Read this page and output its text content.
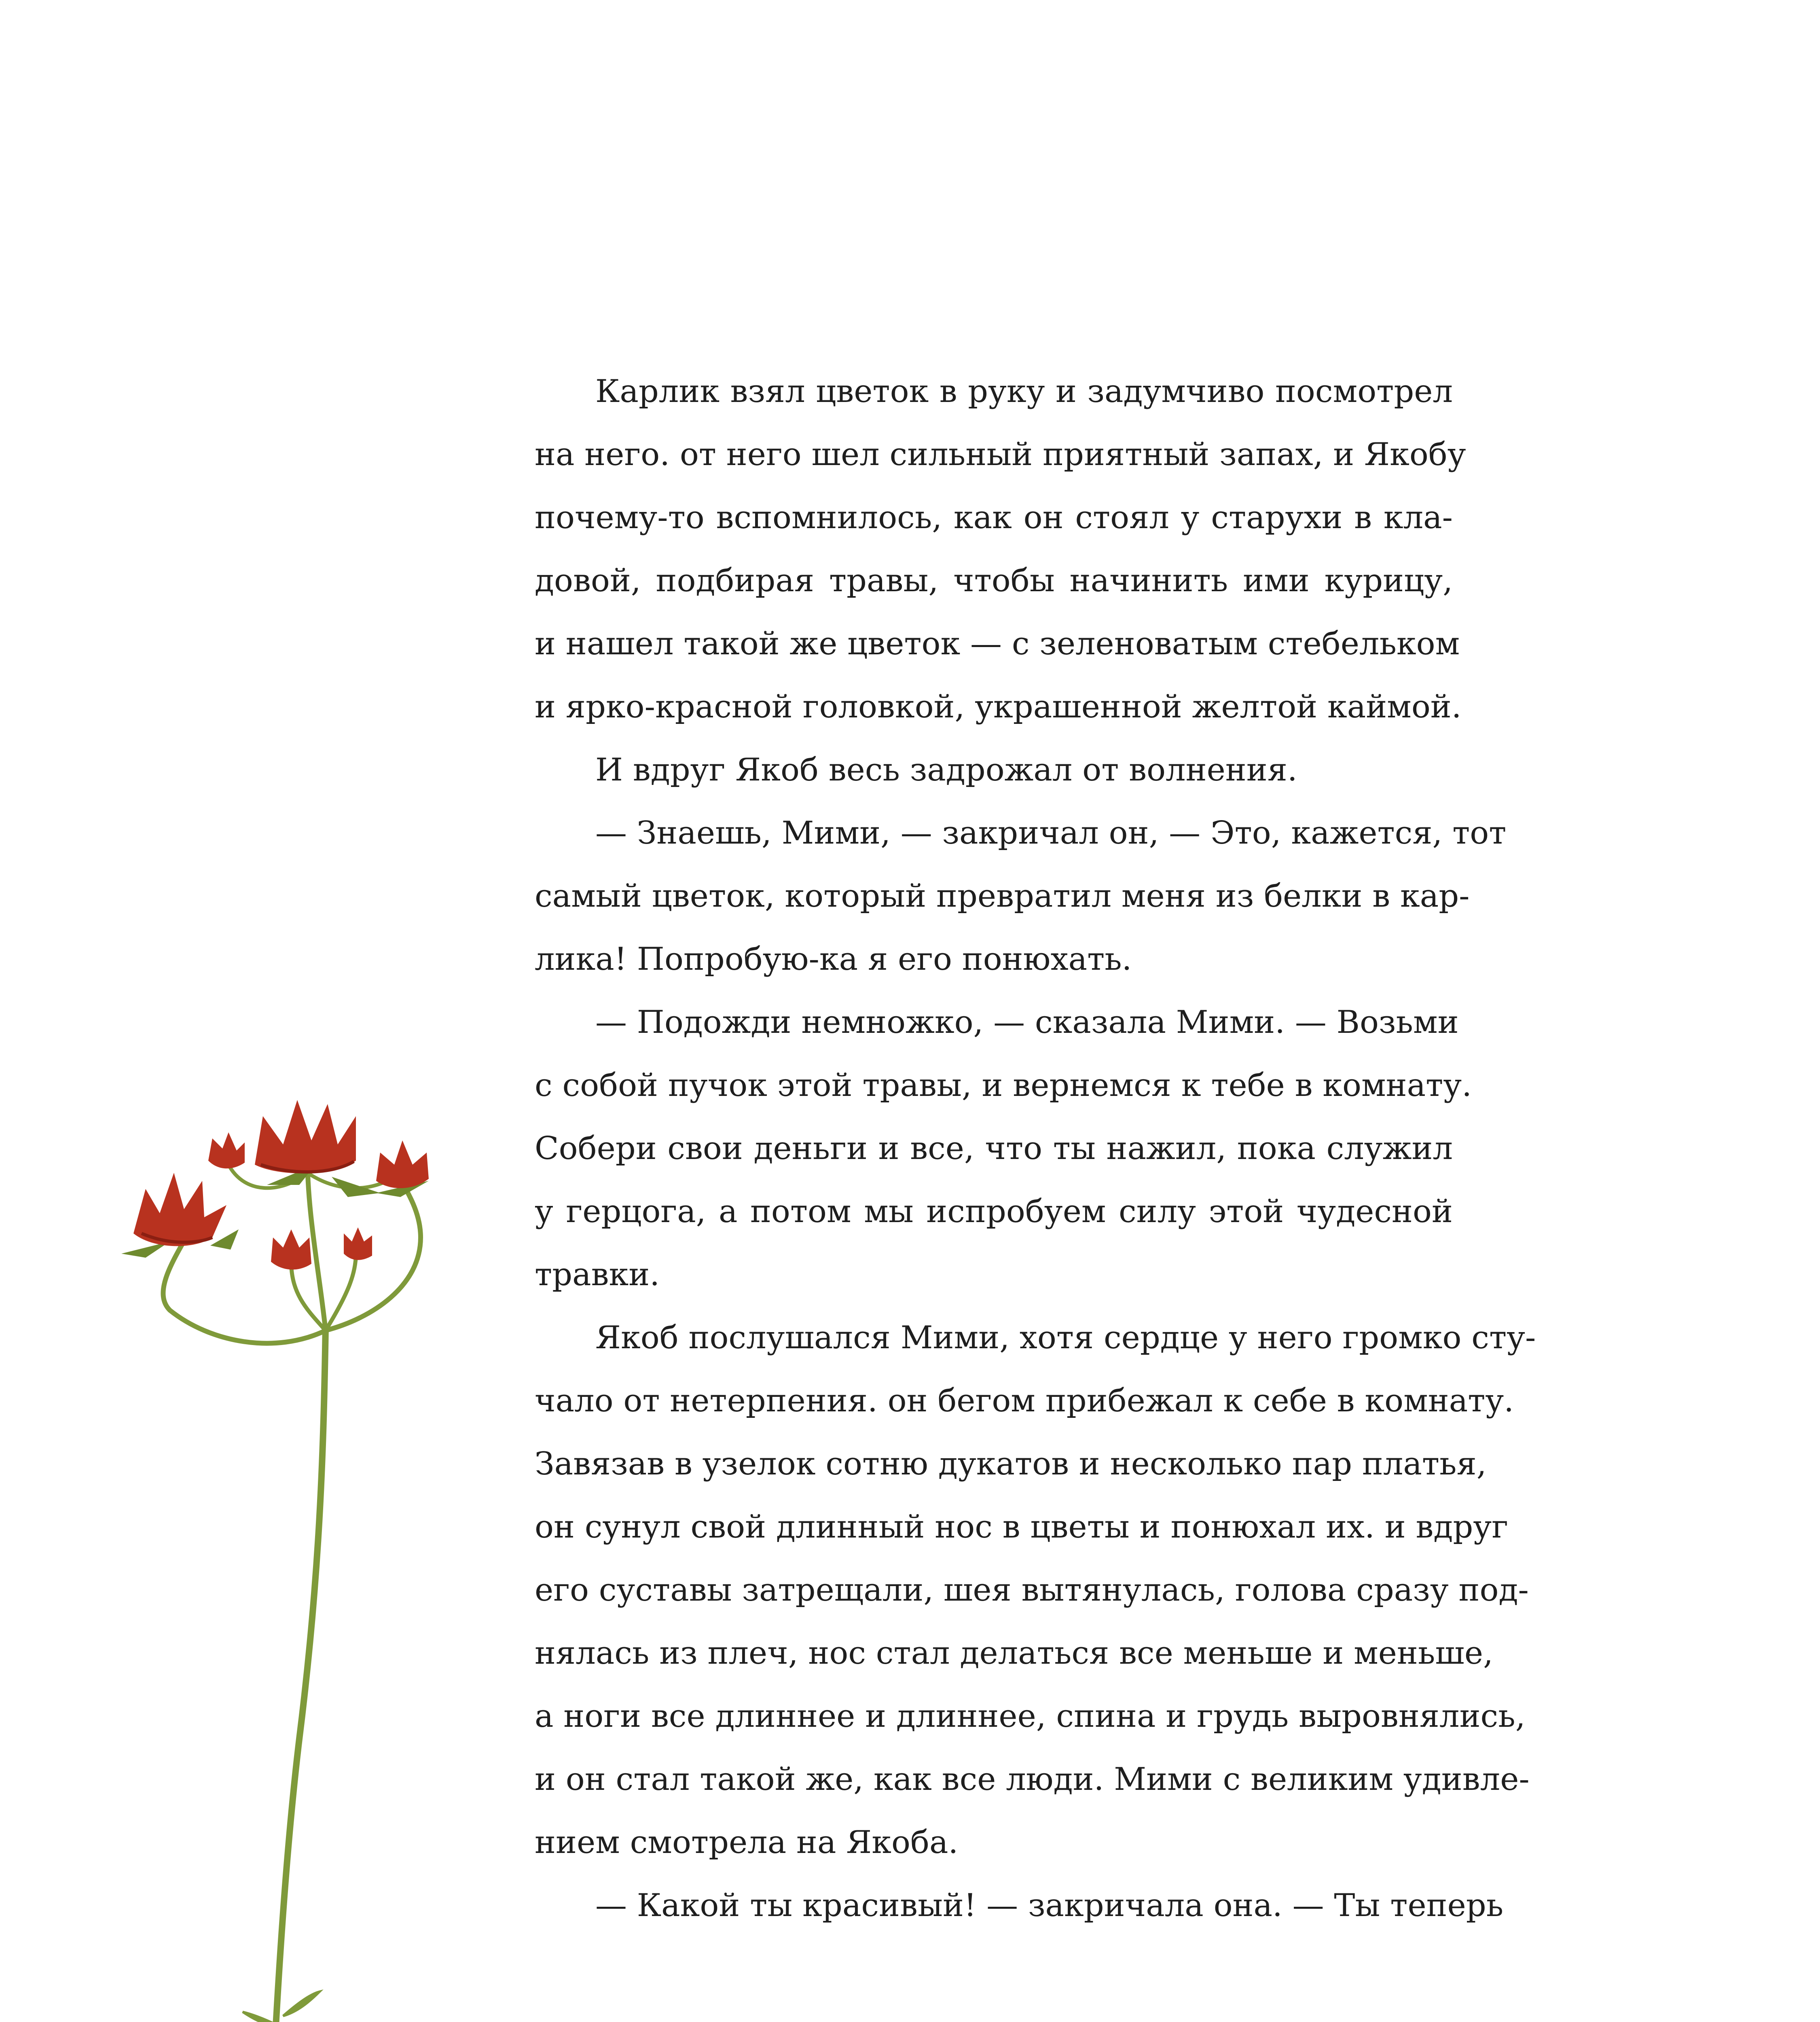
Карлик взял цветок в руку и задумчиво посмотрел
на него. от него шел сильный приятный запах, и Якобу
почему-то вспомнилось, как он стоял у старухи в кла-
довой, подбирая травы, чтобы начинить ими курицу,
и нашел такой же цветок — с зеленоватым стебельком
и ярко-красной головкой, украшенной желтой каймой.
И вдруг Якоб весь задрожал от волнения.
— Знаешь, Мими, — закричал он, — Это, кажется, тот
самый цветок, который превратил меня из белки в кар-
лика! Попробую-ка я его понюхать.
— Подожди немножко, — сказала Мими. — Возьми
с собой пучок этой травы, и вернемся к тебе в комнату.
Собери свои деньги и все, что ты нажил, пока служил
у герцога, а потом мы испробуем силу этой чудесной
травки.
Якоб послушался Мими, хотя сердце у него громко сту-
чало от нетерпения. он бегом прибежал к себе в комнату.
Завязав в узелок сотню дукатов и несколько пар платья,
он сунул свой длинный нос в цветы и понюхал их. и вдруг
его суставы затрещали, шея вытянулась, голова сразу под-
нялась из плеч, нос стал делаться все меньше и меньше,
а ноги все длиннее и длиннее, спина и грудь выровнялись,
и он стал такой же, как все люди. Мими с великим удивле-
нием смотрела на Якоба.
— Какой ты красивый! — закричала она. — Ты теперь
